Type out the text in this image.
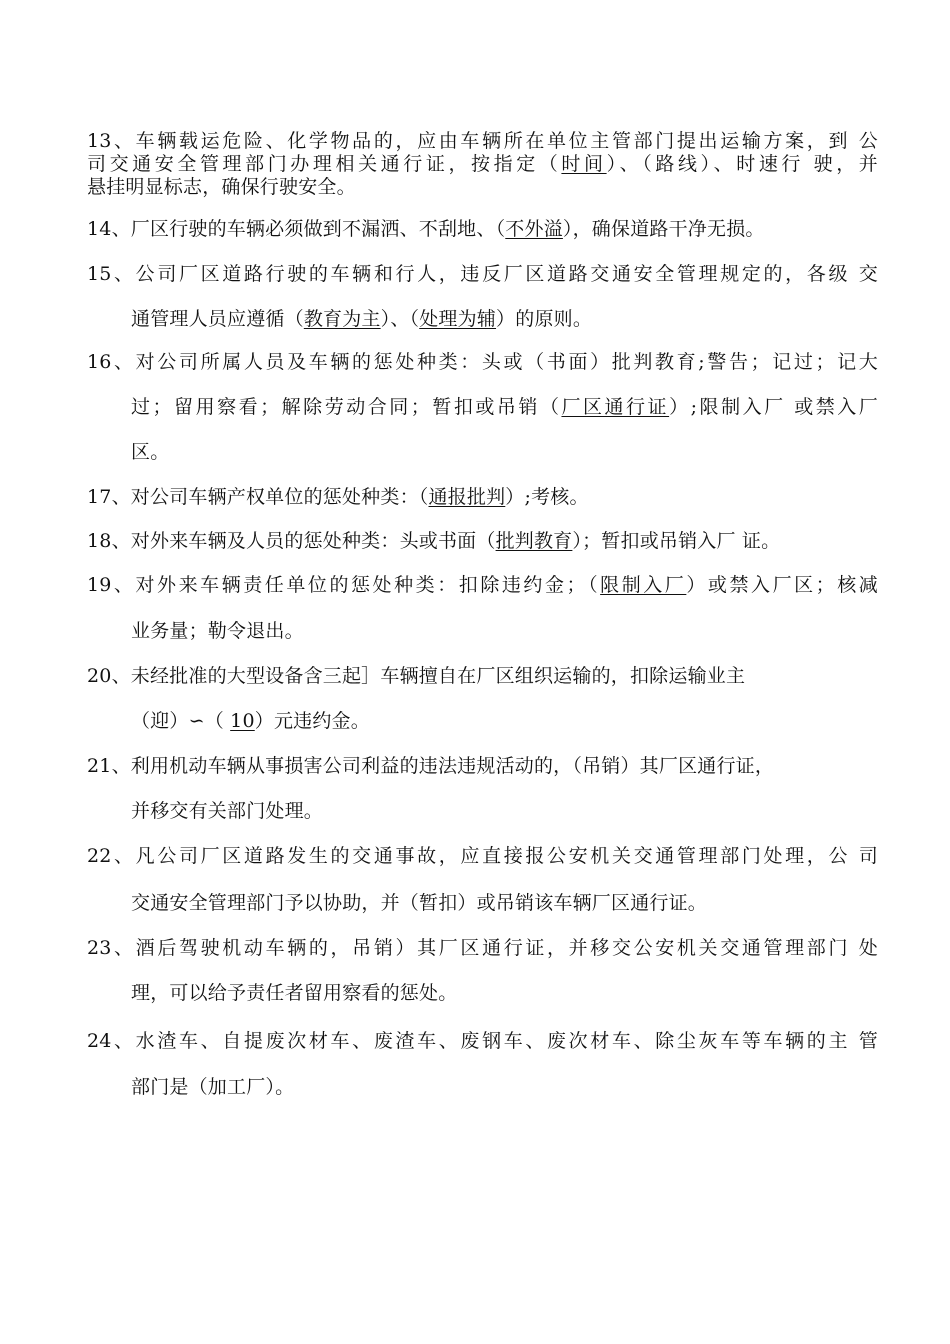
13、车辆载运危险、化学物品的，应由车辆所在单位主管部门提出运输方案，到 公
司交通安全管理部门办理相关通行证，按指定（时间）、（路线）、时速行 驶，并
悬挂明显标志，确保行驶安全。
14、厂区行驶的车辆必须做到不漏洒、不刮地、（不外溢），确保道路干净无损。
15、公司厂区道路行驶的车辆和行人，违反厂区道路交通安全管理规定的，各级 交
通管理人员应遵循（教育为主）、（处理为辅）的原则。
16、对公司所属人员及车辆的惩处种类：头或（书面）批判教育;警告；记过；记大
过；留用察看；解除劳动合同；暂扣或吊销（厂区通行证）;限制入厂 或禁入厂
区。
17、对公司车辆产权单位的惩处种类：（通报批判）;考核。
18、对外来车辆及人员的惩处种类：头或书面（批判教育）；暂扣或吊销入厂 证。
19、对外来车辆责任单位的惩处种类：扣除违约金；（限制入厂）或禁入厂区；核减
业务量；勒令退出。
20、未经批准的大型设备含三起］车辆擅自在厂区组织运输的，扣除运输业主
（迎）∽（ 10）元违约金。
21、利用机动车辆从事损害公司利益的违法违规活动的，（吊销）其厂区通行证，
并移交有关部门处理。
22、凡公司厂区道路发生的交通事故，应直接报公安机关交通管理部门处理，公 司
交通安全管理部门予以协助，并（暂扣）或吊销该车辆厂区通行证。
23、酒后驾驶机动车辆的，吊销）其厂区通行证，并移交公安机关交通管理部门 处
理，可以给予责任者留用察看的惩处。
24、水渣车、自提废次材车、废渣车、废钢车、废次材车、除尘灰车等车辆的主 管
部门是（加工厂）。
